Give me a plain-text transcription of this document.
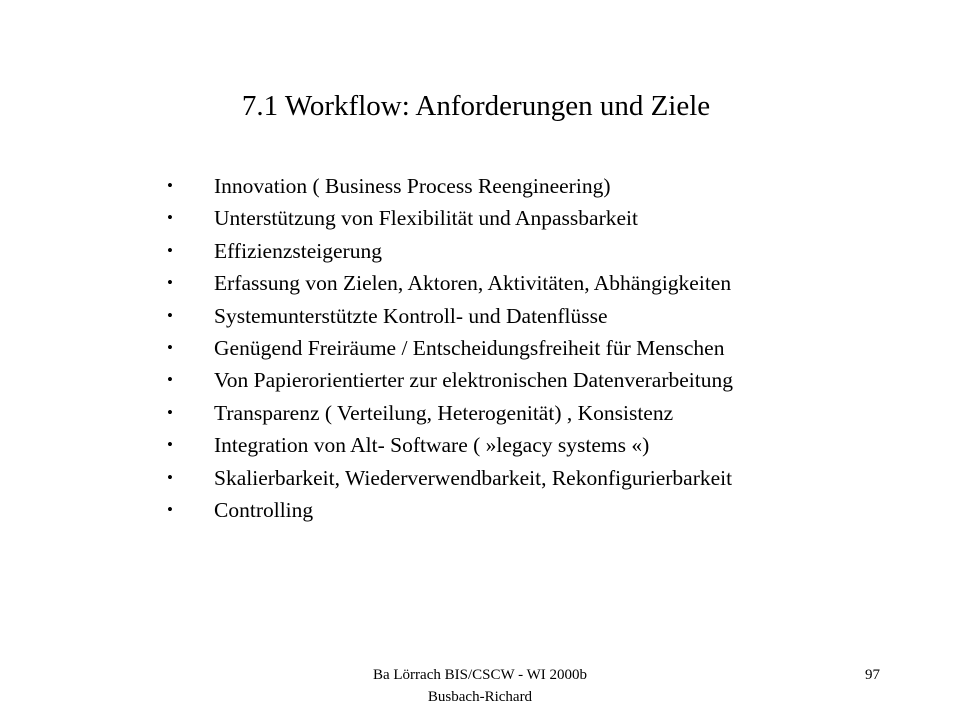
7.1 Workflow: Anforderungen und Ziele
•	Innovation ( Business Process Reengineering)
•	Unterstützung von Flexibilität und Anpassbarkeit
•	Effizienzsteigerung
•	Erfassung von Zielen, Aktoren, Aktivitäten, Abhängigkeiten
•	Systemunterstützte Kontroll- und Datenflüsse
•	Genügend Freiräume / Entscheidungsfreiheit für Menschen
•	Von Papierorientierter zur elektronischen Datenverarbeitung
•	Transparenz ( Verteilung, Heterogenität) , Konsistenz
•	Integration von Alt- Software ( »legacy systems «)
•	Skalierbarkeit, Wiederverwendbarkeit, Rekonfigurierbarkeit
•	Controlling
Ba Lörrach BIS/CSCW - WI 2000b
Busbach-Richard
97
